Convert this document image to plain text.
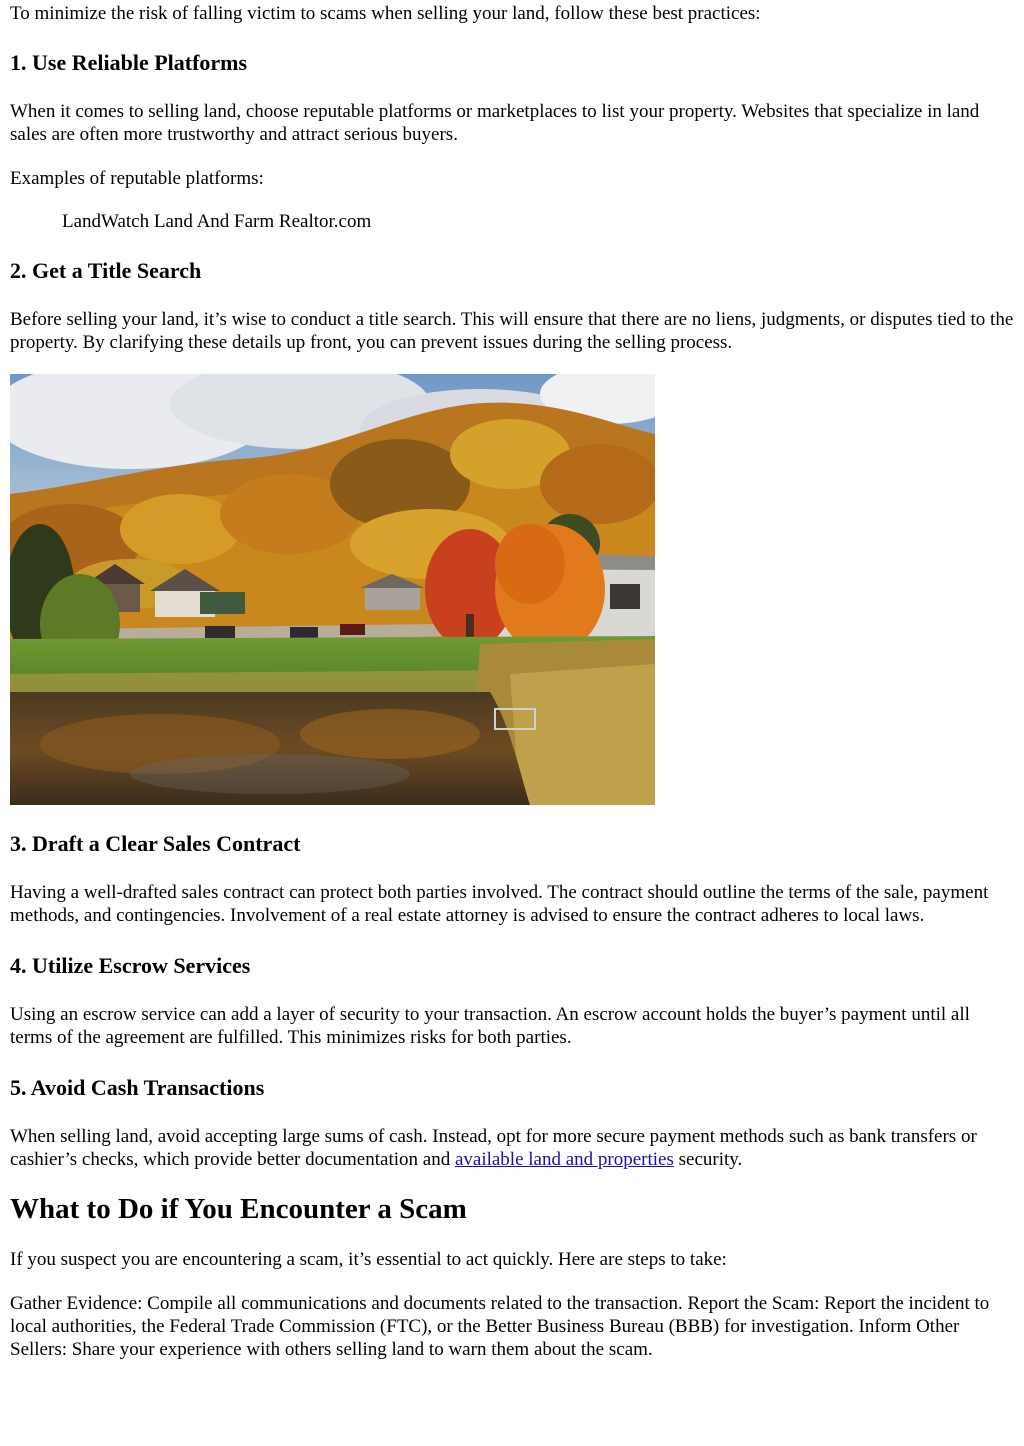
To minimize the risk of falling victim to scams when selling your land, follow these best practices:

1. Use Reliable Platforms

When it comes to selling land, choose reputable platforms or marketplaces to list your property. Websites that specialize in land sales are often more trustworthy and attract serious buyers.

Examples of reputable platforms:

LandWatch Land And Farm Realtor.com

2. Get a Title Search

Before selling your land, it’s wise to conduct a title search. This will ensure that there are no liens, judgments, or disputes tied to the property. By clarifying these details up front, you can prevent issues during the selling process.

3. Draft a Clear Sales Contract

Having a well-drafted sales contract can protect both parties involved. The contract should outline the terms of the sale, payment methods, and contingencies. Involvement of a real estate attorney is advised to ensure the contract adheres to local laws.

4. Utilize Escrow Services

Using an escrow service can add a layer of security to your transaction. An escrow account holds the buyer’s payment until all terms of the agreement are fulfilled. This minimizes risks for both parties.

5. Avoid Cash Transactions

When selling land, avoid accepting large sums of cash. Instead, opt for more secure payment methods such as bank transfers or cashier’s checks, which provide better documentation and available land and properties security.

What to Do if You Encounter a Scam

If you suspect you are encountering a scam, it’s essential to act quickly. Here are steps to take:

Gather Evidence: Compile all communications and documents related to the transaction. Report the Scam: Report the incident to local authorities, the Federal Trade Commission (FTC), or the Better Business Bureau (BBB) for investigation. Inform Other Sellers: Share your experience with others selling land to warn them about the scam.
